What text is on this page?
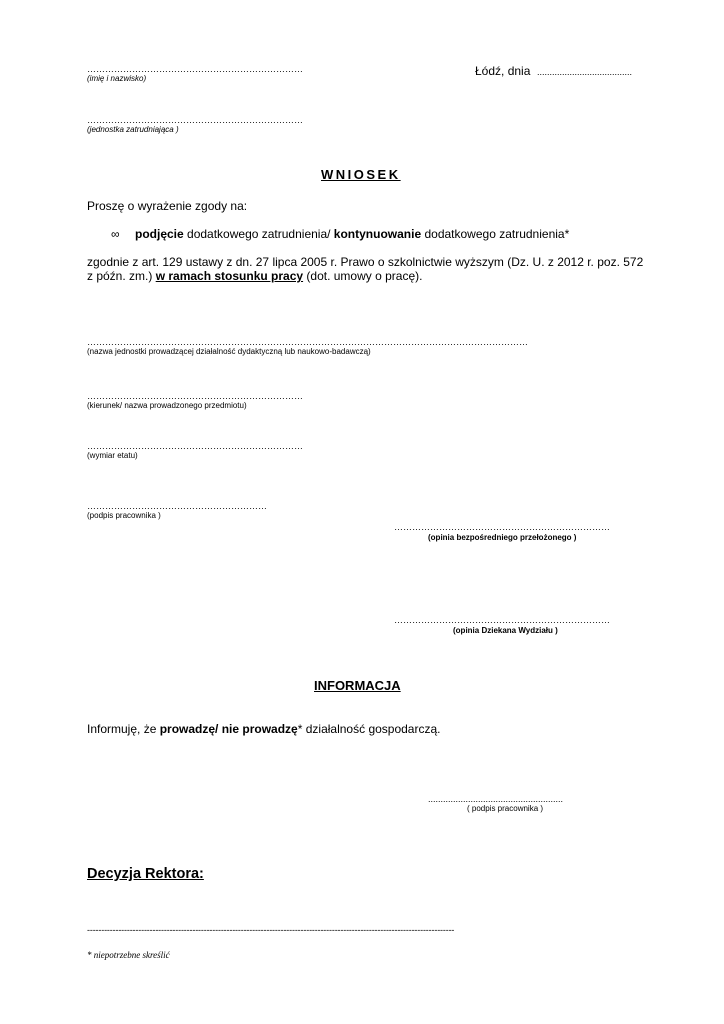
………………………………………………………………
(imię i nazwisko)
Łódź, dnia ......................................
………………………………………………………………
(jednostka zatrudniająca )
WNIOSEK
Proszę o wyrażenie zgody na:
∞ podjęcie dodatkowego zatrudnienia/ kontynuowanie dodatkowego zatrudnienia*
zgodnie z art. 129 ustawy z dn. 27 lipca 2005 r. Prawo o szkolnictwie wyższym (Dz. U. z 2012 r. poz. 572
z późn. zm.) w ramach stosunku pracy (dot. umowy o pracę).
…………………………………………………………………………………………………………………………………
(nazwa jednostki prowadzącej działalność dydaktyczną lub naukowo-badawczą)
………………………………………………………………
(kierunek/ nazwa prowadzonego przedmiotu)
………………………………………………………………
(wymiar etatu)
……………………………………………………
(podpis pracownika )
………………………………………………………………
(opinia bezpośredniego przełożonego )
………………………………………………………………
(opinia Dziekana Wydziału )
INFORMACJA
Informuję, że prowadzę/ nie prowadzę* działalność gospodarczą.
......................................................
( podpis pracownika )
Decyzja Rektora:
---------------------------------------------------------------------------------------------------------------------------------
* niepotrzebne skreślić
